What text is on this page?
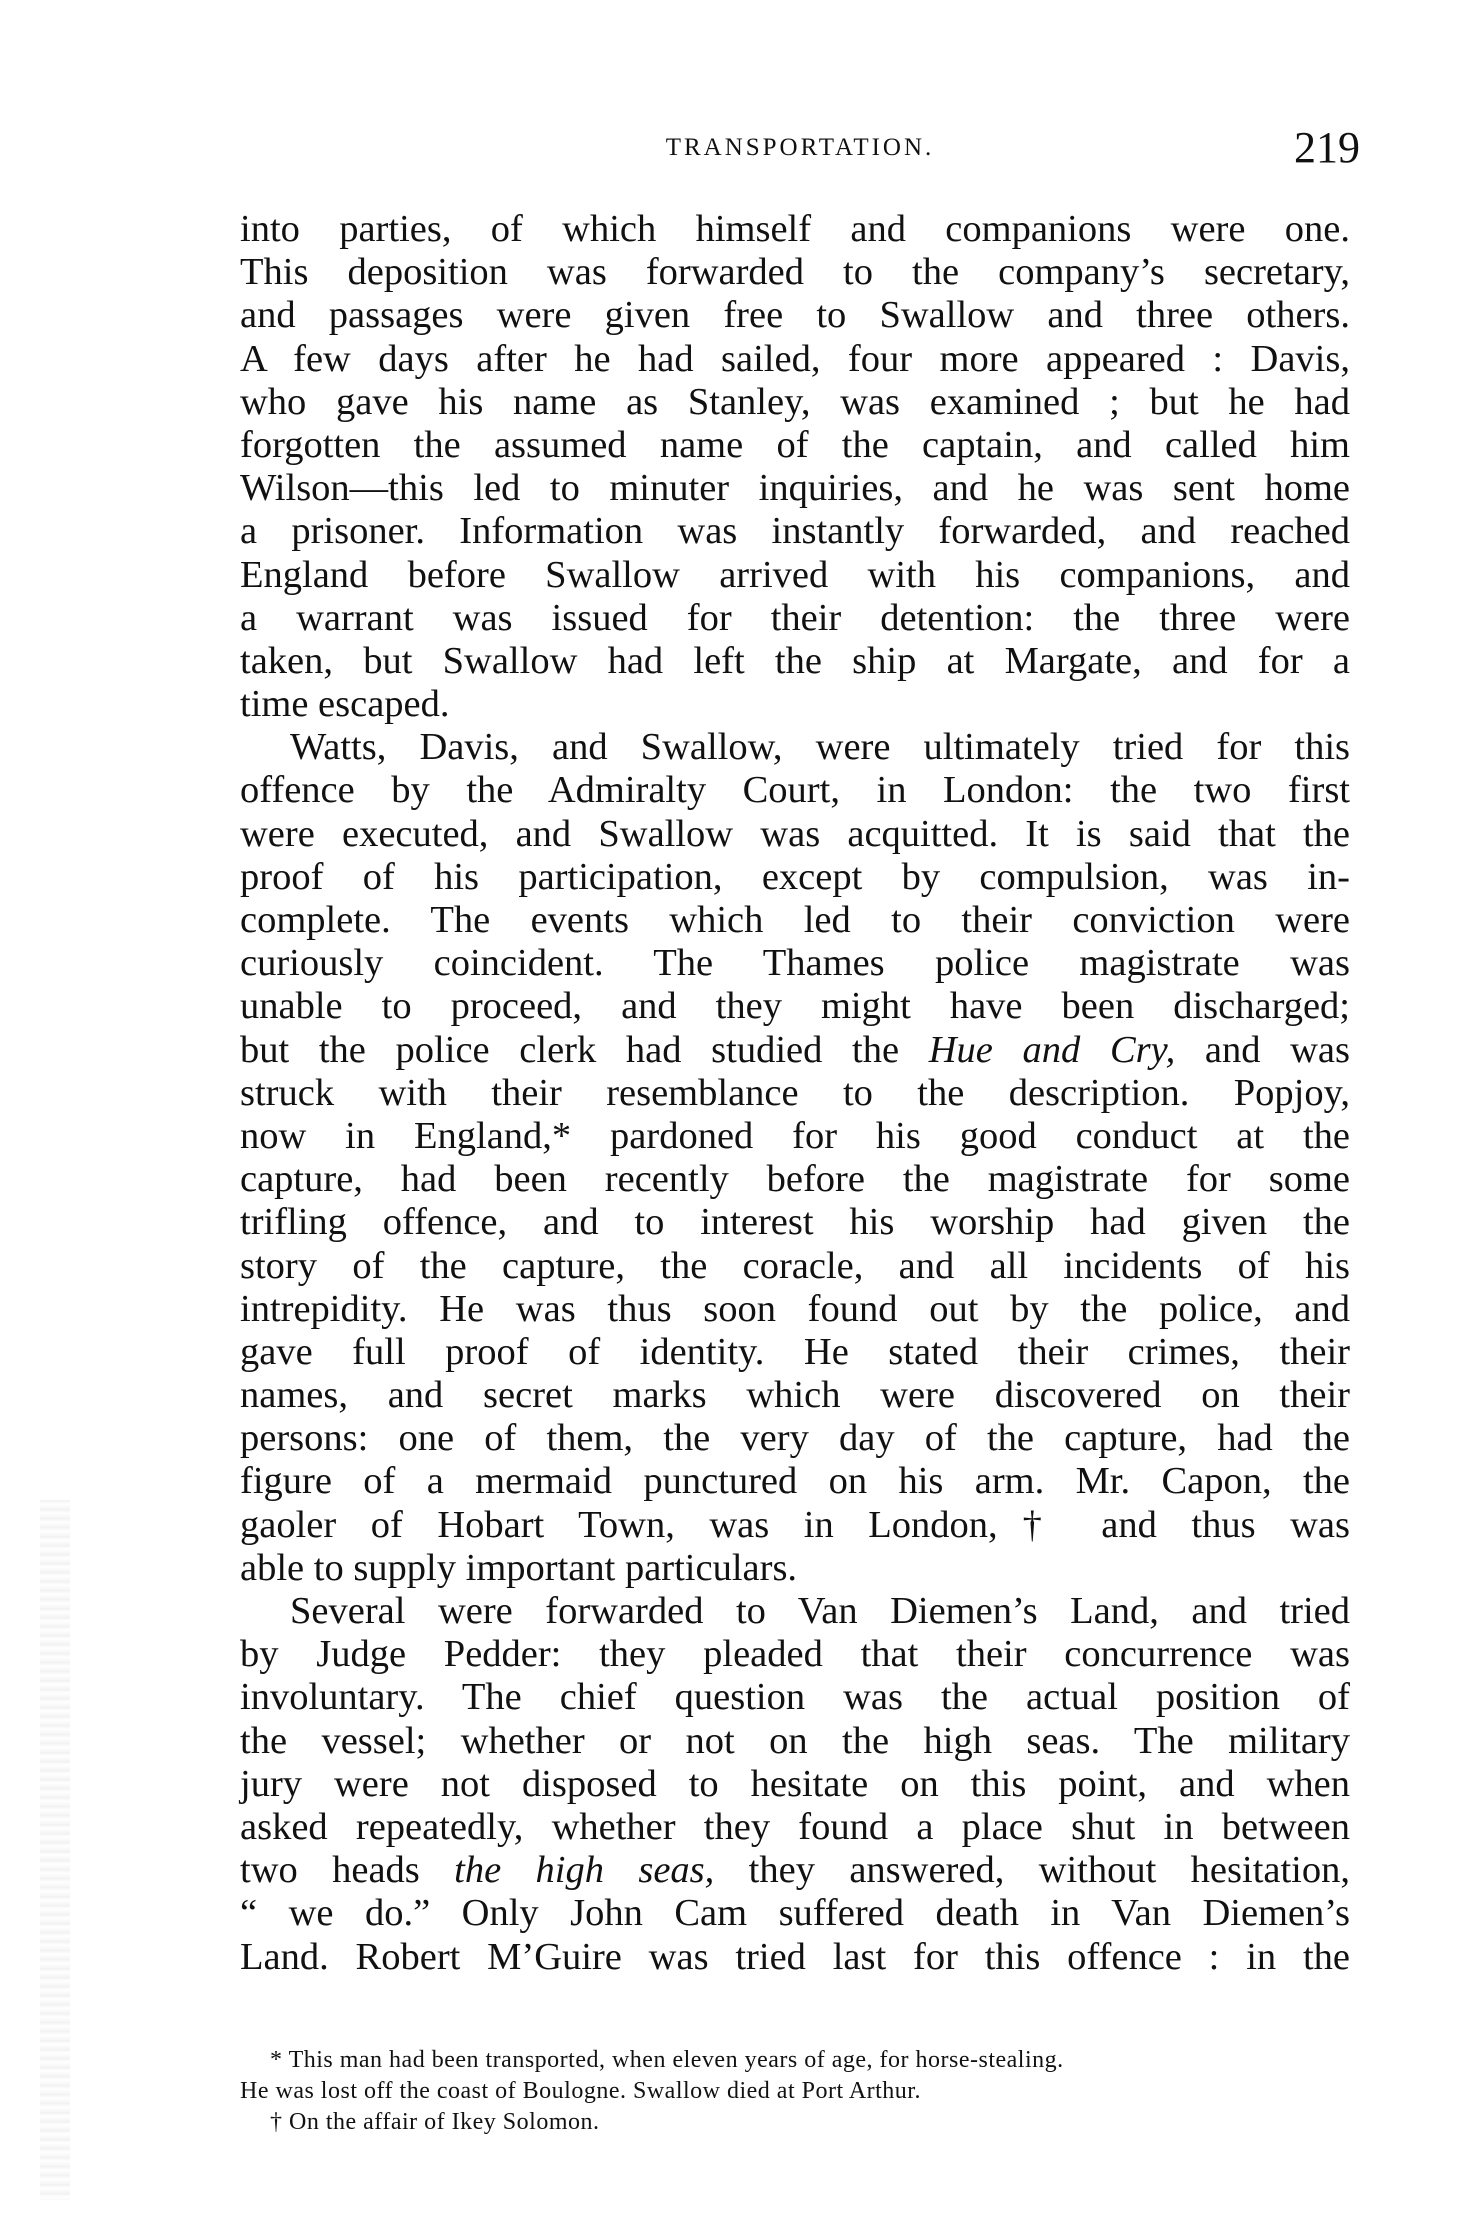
TRANSPORTATION.	219
into parties, of which himself and companions were one.
This deposition was forwarded to the company’s secretary,
and passages were given free to Swallow and three others.
A few days after he had sailed, four more appeared : Davis,
who gave his name as Stanley, was examined ; but he had
forgotten the assumed name of the captain, and called him
Wilson—this led to minuter inquiries, and he was sent home
a prisoner. Information was instantly forwarded, and reached
England before Swallow arrived with his companions, and
a warrant was issued for their detention: the three were
taken, but Swallow had left the ship at Margate, and for a
time escaped.
Watts, Davis, and Swallow, were ultimately tried for this
offence by the Admiralty Court, in London: the two first
were executed, and Swallow was acquitted. It is said that the
proof of his participation, except by compulsion, was in-
complete. The events which led to their conviction were
curiously coincident. The Thames police magistrate was
unable to proceed, and they might have been discharged;
but the police clerk had studied the Hue and Cry, and was
struck with their resemblance to the description. Popjoy,
now in England,* pardoned for his good conduct at the
capture, had been recently before the magistrate for some
trifling offence, and to interest his worship had given the
story of the capture, the coracle, and all incidents of his
intrepidity. He was thus soon found out by the police, and
gave full proof of identity. He stated their crimes, their
names, and secret marks which were discovered on their
persons: one of them, the very day of the capture, had the
figure of a mermaid punctured on his arm. Mr. Capon, the
gaoler of Hobart Town, was in London,† and thus was
able to supply important particulars.
Several were forwarded to Van Diemen’s Land, and tried
by Judge Pedder: they pleaded that their concurrence was
involuntary. The chief question was the actual position of
the vessel; whether or not on the high seas. The military
jury were not disposed to hesitate on this point, and when
asked repeatedly, whether they found a place shut in between
two heads the high seas, they answered, without hesitation,
“ we do.” Only John Cam suffered death in Van Diemen’s
Land. Robert M’Guire was tried last for this offence : in the
* This man had been transported, when eleven years of age, for horse-stealing.
He was lost off the coast of Boulogne. Swallow died at Port Arthur.
† On the affair of Ikey Solomon.
